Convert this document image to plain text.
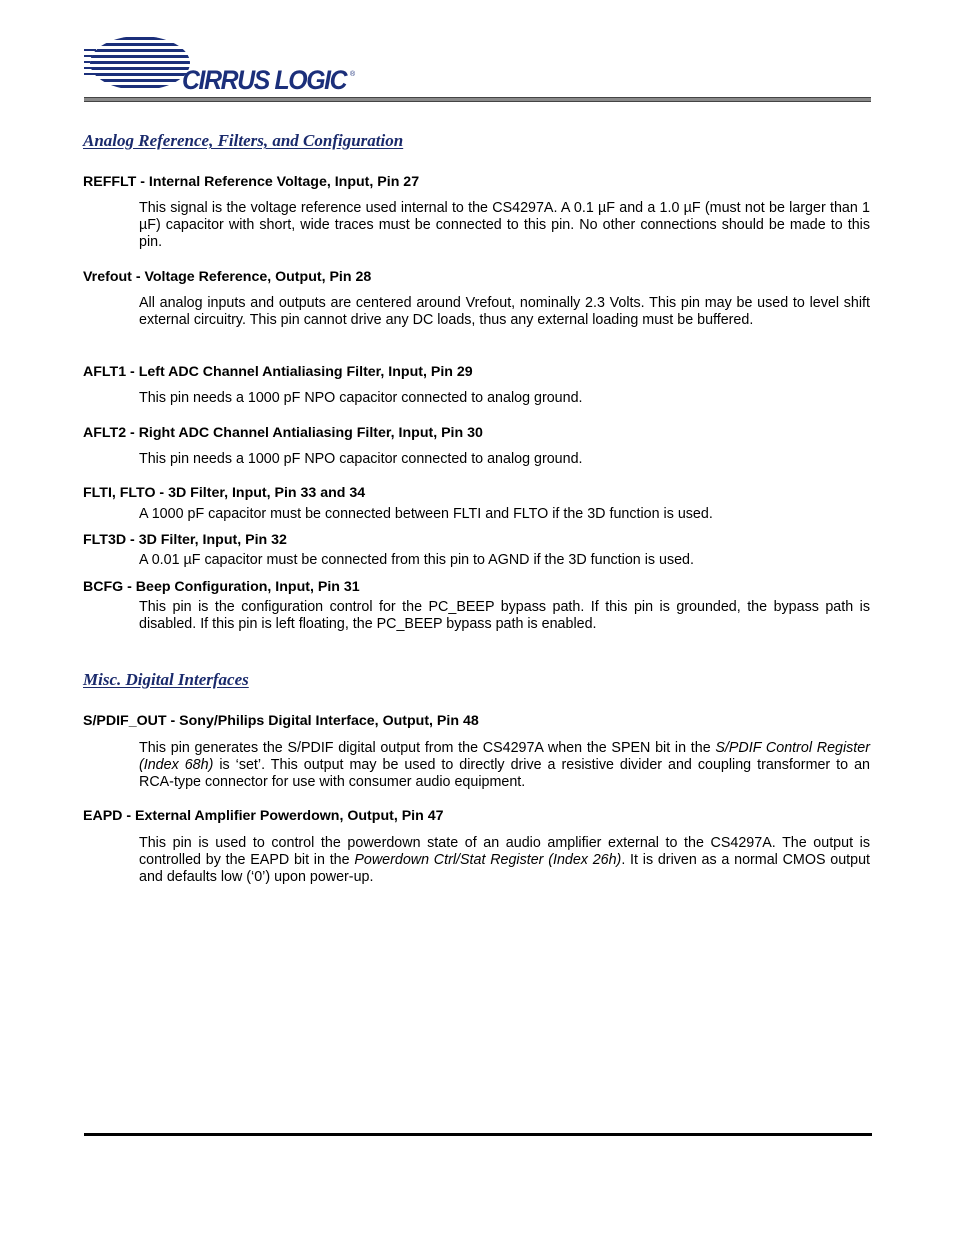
CIRRUS LOGIC ®
Analog Reference, Filters, and Configuration
REFFLT - Internal Reference Voltage, Input, Pin 27

This signal is the voltage reference used internal to the CS4297A. A 0.1 µF and a 1.0 µF (must not be larger than 1 µF) capacitor with short, wide traces must be connected to this pin. No other connections should be made to this pin.

Vrefout - Voltage Reference, Output, Pin 28

All analog inputs and outputs are centered around Vrefout, nominally 2.3 Volts. This pin may be used to level shift external circuitry. This pin cannot drive any DC loads, thus any external loading must be buffered.

AFLT1 - Left ADC Channel Antialiasing Filter, Input, Pin 29

This pin needs a 1000 pF NPO capacitor connected to analog ground.

AFLT2 - Right ADC Channel Antialiasing Filter, Input, Pin 30

This pin needs a 1000 pF NPO capacitor connected to analog ground.

FLTI, FLTO - 3D Filter, Input, Pin 33 and 34

A 1000 pF capacitor must be connected between FLTI and FLTO if the 3D function is used.

FLT3D - 3D Filter, Input, Pin 32

A 0.01 µF capacitor must be connected from this pin to AGND if the 3D function is used.

BCFG - Beep Configuration, Input, Pin 31

This pin is the configuration control for the PC_BEEP bypass path. If this pin is grounded, the bypass path is disabled. If this pin is left floating, the PC_BEEP bypass path is enabled.

Misc. Digital Interfaces
S/PDIF_OUT - Sony/Philips Digital Interface, Output, Pin 48

This pin generates the S/PDIF digital output from the CS4297A when the SPEN bit in the S/PDIF Control Register (Index 68h) is ‘set’. This output may be used to directly drive a resistive divider and coupling transformer to an RCA-type connector for use with consumer audio equipment.

EAPD - External Amplifier Powerdown, Output, Pin 47

This pin is used to control the powerdown state of an audio amplifier external to the CS4297A. The output is controlled by the EAPD bit in the Powerdown Ctrl/Stat Register (Index 26h). It is driven as a normal CMOS output and defaults low (‘0’) upon power-up.
